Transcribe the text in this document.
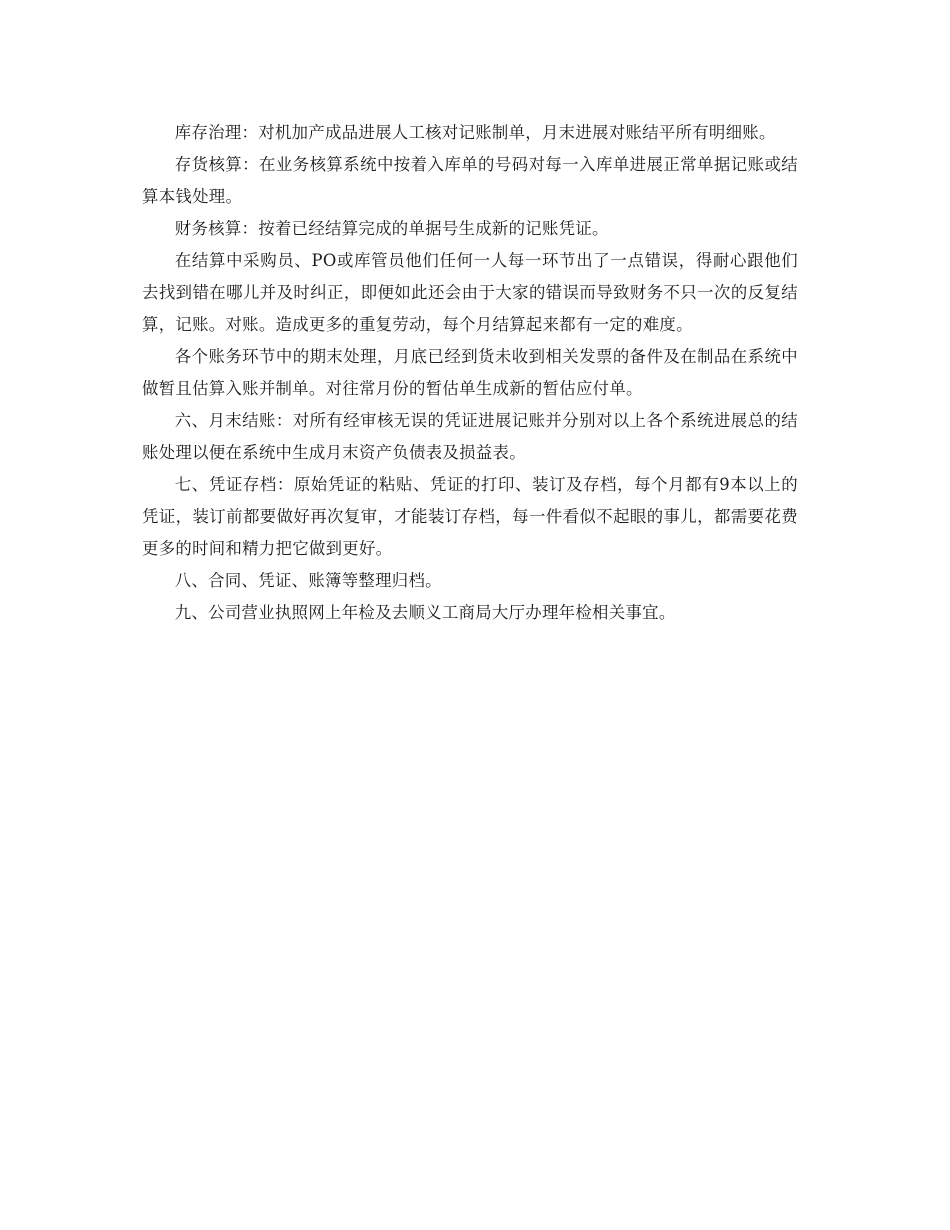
库存治理：对机加产成品进展人工核对记账制单，月末进展对账结平所有明细账。

存货核算：在业务核算系统中按着入库单的号码对每一入库单进展正常单据记账或结算本钱处理。

财务核算：按着已经结算完成的单据号生成新的记账凭证。

在结算中采购员、PO或库管员他们任何一人每一环节出了一点错误，得耐心跟他们去找到错在哪儿并及时纠正，即便如此还会由于大家的错误而导致财务不只一次的反复结算，记账。对账。造成更多的重复劳动，每个月结算起来都有一定的难度。

各个账务环节中的期末处理，月底已经到货未收到相关发票的备件及在制品在系统中做暂且估算入账并制单。对往常月份的暂估单生成新的暂估应付单。

六、月末结账：对所有经审核无误的凭证进展记账并分别对以上各个系统进展总的结账处理以便在系统中生成月末资产负债表及损益表。

七、凭证存档：原始凭证的粘贴、凭证的打印、装订及存档，每个月都有9本以上的凭证，装订前都要做好再次复审，才能装订存档，每一件看似不起眼的事儿，都需要花费更多的时间和精力把它做到更好。

八、合同、凭证、账簿等整理归档。

九、公司营业执照网上年检及去顺义工商局大厅办理年检相关事宜。
